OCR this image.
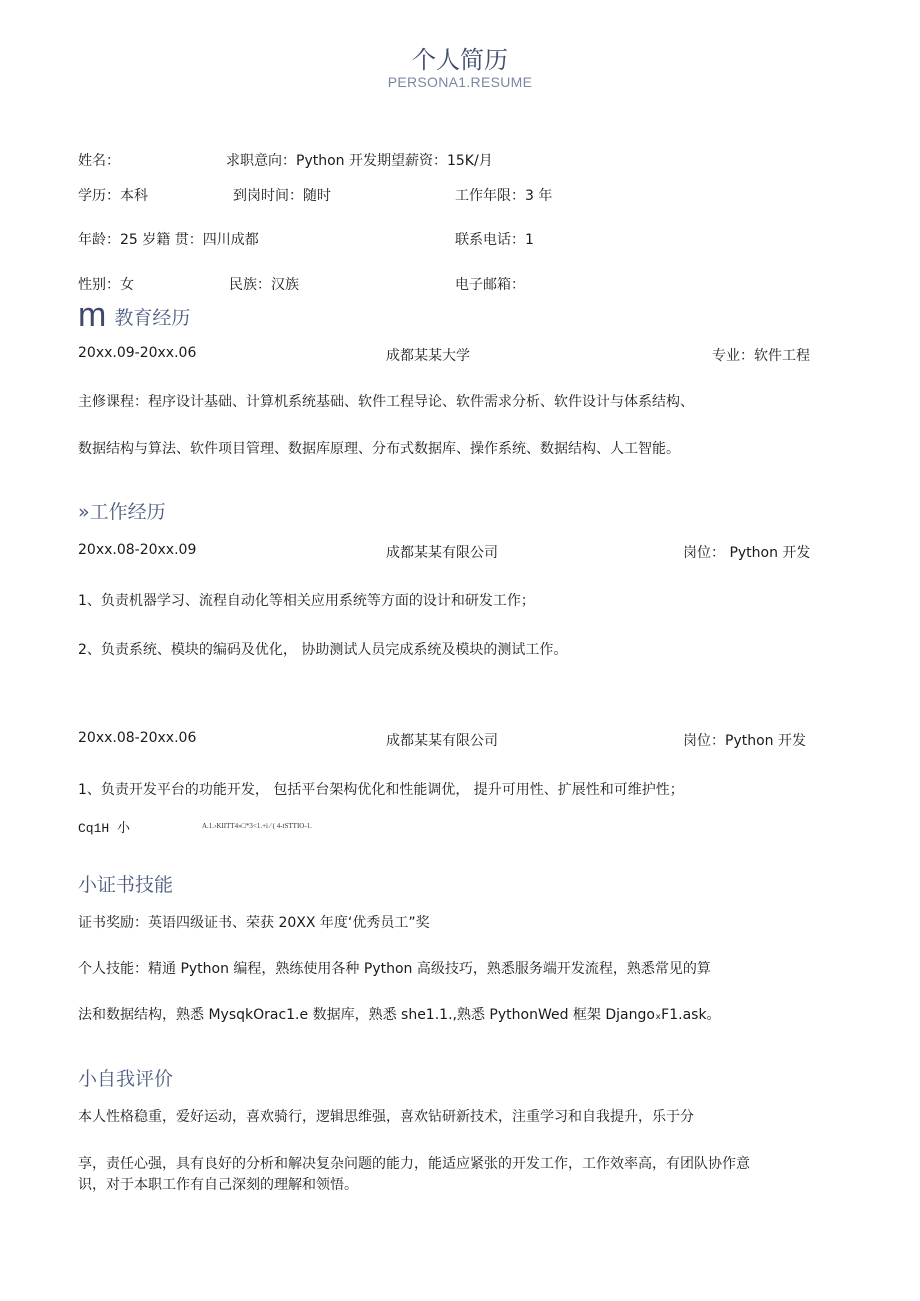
个人简历
PERSONA1.RESUME
姓名：	求职意向：Python 开发期望薪资：15K/月
学历：本科	到岗时间：随时	工作年限：3 年
年龄：25 岁籍 贯：四川成都	联系电话：1
性别：女	民族：汉族	电子邮箱：
m教育经历
20xx.09-20xx.06	成都某某大学	专业：软件工程
主修课程：程序设计基础、计算机系统基础、软件工程导论、软件需求分析、软件设计与体系结构、
数据结构与算法、软件项目管理、数据库原理、分布式数据库、操作系统、数据结构、人工智能。
»工作经历
20xx.08-20xx.09	成都某某有限公司	岗位： Python 开发
1、负责机器学习、流程自动化等相关应用系统等方面的设计和研发工作；
2、负责系统、模块的编码及优化， 协助测试人员完成系统及模块的测试工作。
20xx.08-20xx.06	成都某某有限公司	岗位：Python 开发
1、负责开发平台的功能开发， 包括平台架构优化和性能调优， 提升可用性、扩展性和可维护性；
Cq1H 小	A.1.›KIITT4»□*3<1.+i ⁄ ( 4-tSTTIO-1.
小证书技能
证书奖励：英语四级证书、荣获 20XX 年度‘优秀员工”奖
个人技能：精通 Python 编程，熟练使用各种 Python 高级技巧，熟悉服务端开发流程，熟悉常见的算
法和数据结构，熟悉 MysqkOrac1.e 数据库，熟悉 she1.1.,熟悉 PythonWed 框架 DjangoₓF1.ask。
小自我评价
本人性格稳重，爱好运动，喜欢骑行，逻辑思维强，喜欢钻研新技术，注重学习和自我提升，乐于分
享，责任心强，具有良好的分析和解决复杂问题的能力，能适应紧张的开发工作，工作效率高，有团队协作意
识，对于本职工作有自己深刻的理解和领悟。
